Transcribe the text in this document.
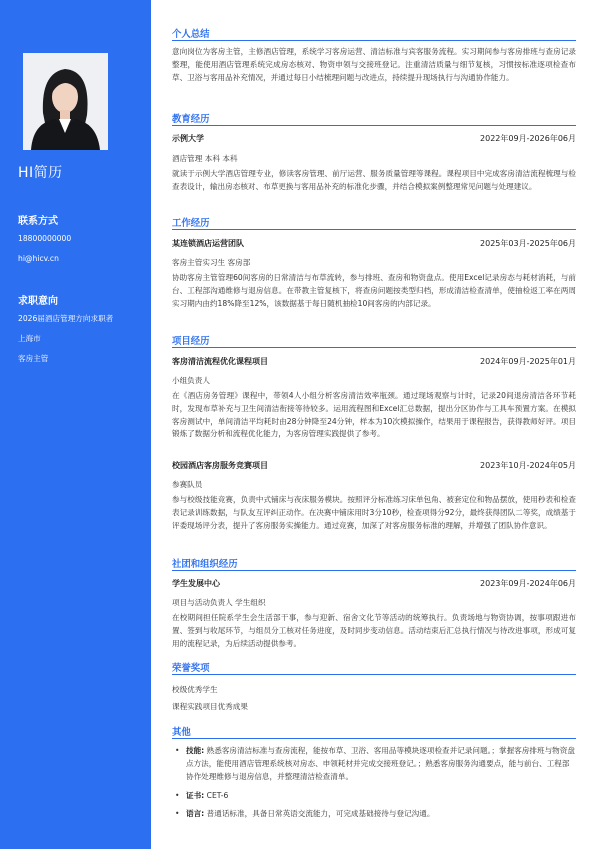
HI简历
联系方式
18800000000
hi@hicv.cn
求职意向
2026届酒店管理方向求职者
上海市
客房主管
个人总结
意向岗位为客房主管，主修酒店管理，系统学习客房运营、清洁标准与宾客服务流程。实习期间参与客房排班与查房记录整理，能使用酒店管理系统完成房态核对、物资申领与交接班登记。注重清洁质量与细节复核，习惯按标准逐项检查布草、卫浴与客用品补充情况，并通过每日小结梳理问题与改进点，持续提升现场执行与沟通协作能力。
教育经历
示例大学	2022年09月-2026年06月
酒店管理 本科 本科
就读于示例大学酒店管理专业，修读客房管理、前厅运营、服务质量管理等课程。课程项目中完成客房清洁流程梳理与检查表设计，输出房态核对、布草更换与客用品补充的标准化步骤，并结合模拟案例整理常见问题与处理建议。
工作经历
某连锁酒店运营团队	2025年03月-2025年06月
客房主管实习生 客房部
协助客房主管管理60间客房的日常清洁与布草流转，参与排班、查房和物资盘点。使用Excel记录房态与耗材消耗，与前台、工程部沟通维修与退房信息。在带教主管复核下，将查房问题按类型归档，形成清洁检查清单，使抽检返工率在两周实习期内由约18%降至12%，该数据基于每日随机抽检10间客房的内部记录。
项目经历
客房清洁流程优化课程项目	2024年09月-2025年01月
小组负责人
在《酒店房务管理》课程中，带领4人小组分析客房清洁效率瓶颈。通过现场观察与计时，记录20间退房清洁各环节耗时，发现布草补充与卫生间清洁衔接等待较多。运用流程图和Excel汇总数据，提出分区协作与工具车预置方案。在模拟客房测试中，单间清洁平均耗时由28分钟降至24分钟，样本为10次模拟操作，结果用于课程报告，获得教师好评。项目锻炼了数据分析和流程优化能力，为客房管理实践提供了参考。
校园酒店客房服务竞赛项目	2023年10月-2024年05月
参赛队员
参与校级技能竞赛，负责中式铺床与夜床服务模块。按照评分标准练习床单包角、被套定位和物品摆放，使用秒表和检查表记录训练数据，与队友互评纠正动作。在决赛中铺床用时3分10秒，检查项得分92分，最终获得团队二等奖，成绩基于评委现场评分表，提升了客房服务实操能力。通过竞赛，加深了对客房服务标准的理解，并增强了团队协作意识。
社团和组织经历
学生发展中心	2023年09月-2024年06月
项目与活动负责人 学生组织
在校期间担任院系学生会生活部干事，参与迎新、宿舍文化节等活动的统筹执行。负责场地与物资协调，按事项跟进布置、签到与收尾环节，与组员分工核对任务进度，及时同步变动信息。活动结束后汇总执行情况与待改进事项，形成可复用的流程记录，为后续活动提供参考。
荣誉奖项
校级优秀学生
课程实践项目优秀成果
其他
• 技能: 熟悉客房清洁标准与查房流程，能按布草、卫浴、客用品等模块逐项检查并记录问题。；掌握客房排班与物资盘点方法，能使用酒店管理系统核对房态、申领耗材并完成交接班登记。；熟悉客房服务沟通要点，能与前台、工程部协作处理维修与退房信息，并整理清洁检查清单。
• 证书: CET-6
• 语言: 普通话标准，具备日常英语交流能力，可完成基础接待与登记沟通。
